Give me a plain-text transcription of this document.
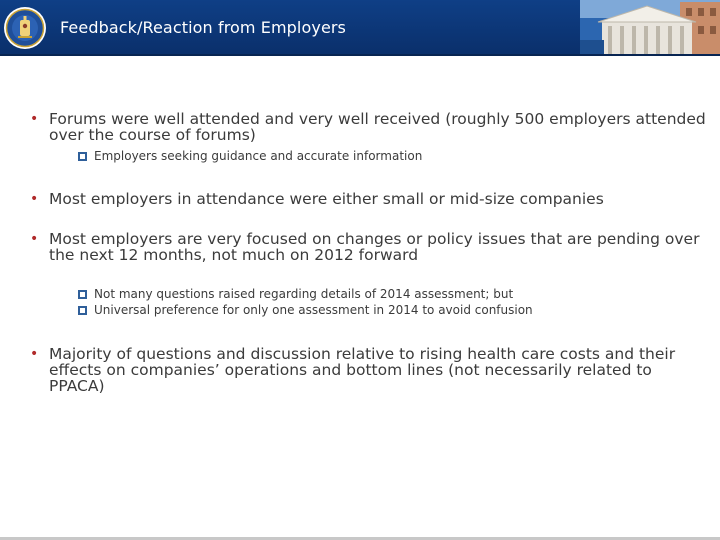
Feedback/Reaction from Employers
• Forums were well attended and very well received (roughly 500 employers attended over the course of forums)
Employers seeking guidance and accurate information
• Most employers in attendance were either small or mid-size companies
• Most employers are very focused on changes or policy issues that are pending over the next 12 months, not much on 2012 forward
Not many questions raised regarding details of 2014 assessment; but
Universal preference for only one assessment in 2014 to avoid confusion
• Majority of questions and discussion relative to rising health care costs and their effects on companies’ operations and bottom lines (not necessarily related to PPACA)
